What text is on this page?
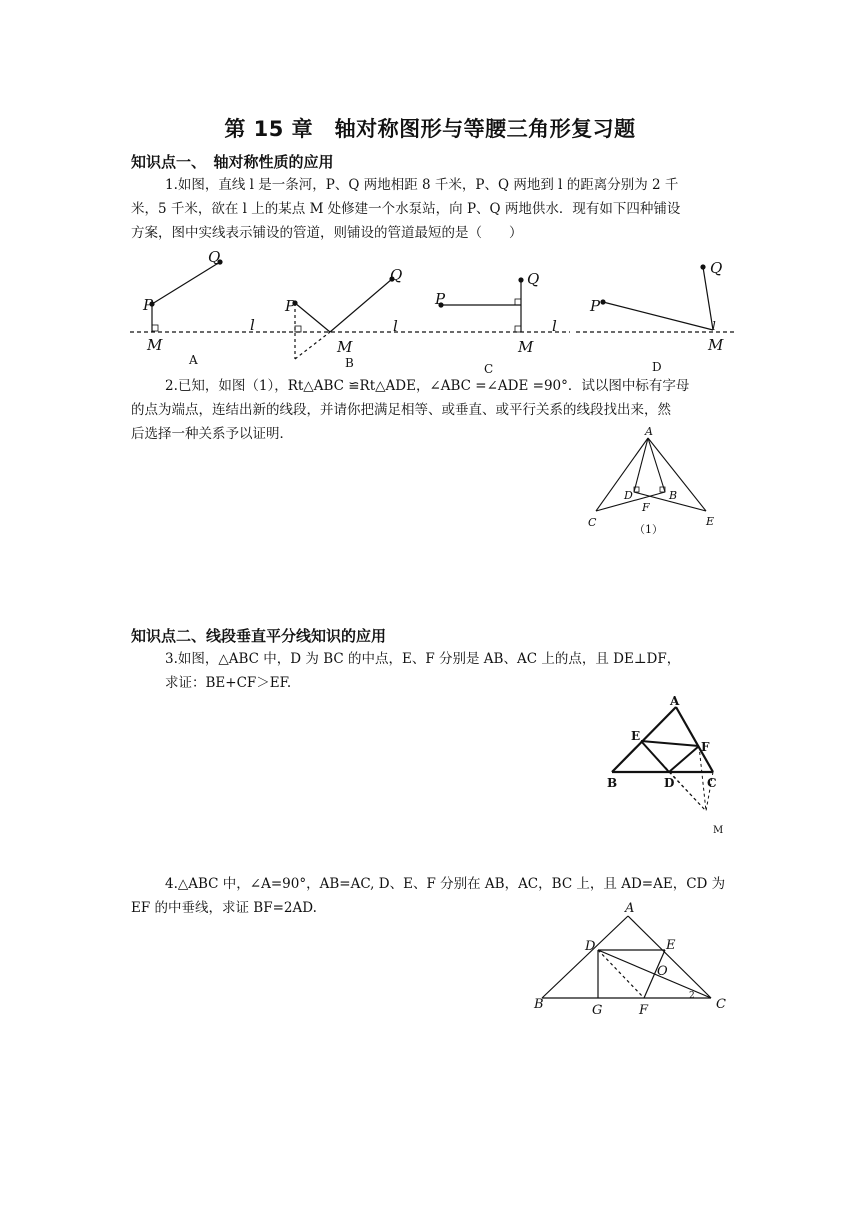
第 15 章　轴对称图形与等腰三角形复习题
知识点一、　轴对称性质的应用
1.如图，直线 l 是一条河，P、Q 两地相距 8 千米，P、Q 两地到 l 的距离分别为 2 千
米，5 千米，欲在 l 上的某点 M 处修建一个水泵站，向 P、Q 两地供水．现有如下四种铺设
方案，图中实线表示铺设的管道，则铺设的管道最短的是（　　）
2.已知，如图（1），Rt△ABC ≌Rt△ADE，∠ABC =∠ADE =90°．试以图中标有字母
的点为端点，连结出新的线段，并请你把满足相等、或垂直、或平行关系的线段找出来，然
后选择一种关系予以证明．
知识点二、线段垂直平分线知识的应用
3.如图，△ABC 中，D 为 BC 的中点，E、F 分别是 AB、AC 上的点，且 DE⊥DF，
求证：BE+CF＞EF.
4.△ABC 中，∠A=90°，AB=AC, D、E、F 分别在 AB，AC，BC 上，且 AD=AE，CD 为
EF 的中垂线，求证 BF=2AD.
P
Q
M
l
A
P
Q
M
l
B
P
Q
M
l
C
P
Q
M
l
D
A
D	B
F
C	E
（1）
A
E
F
B	D	C
M
A
D	E
O
2
B	G	F	C
